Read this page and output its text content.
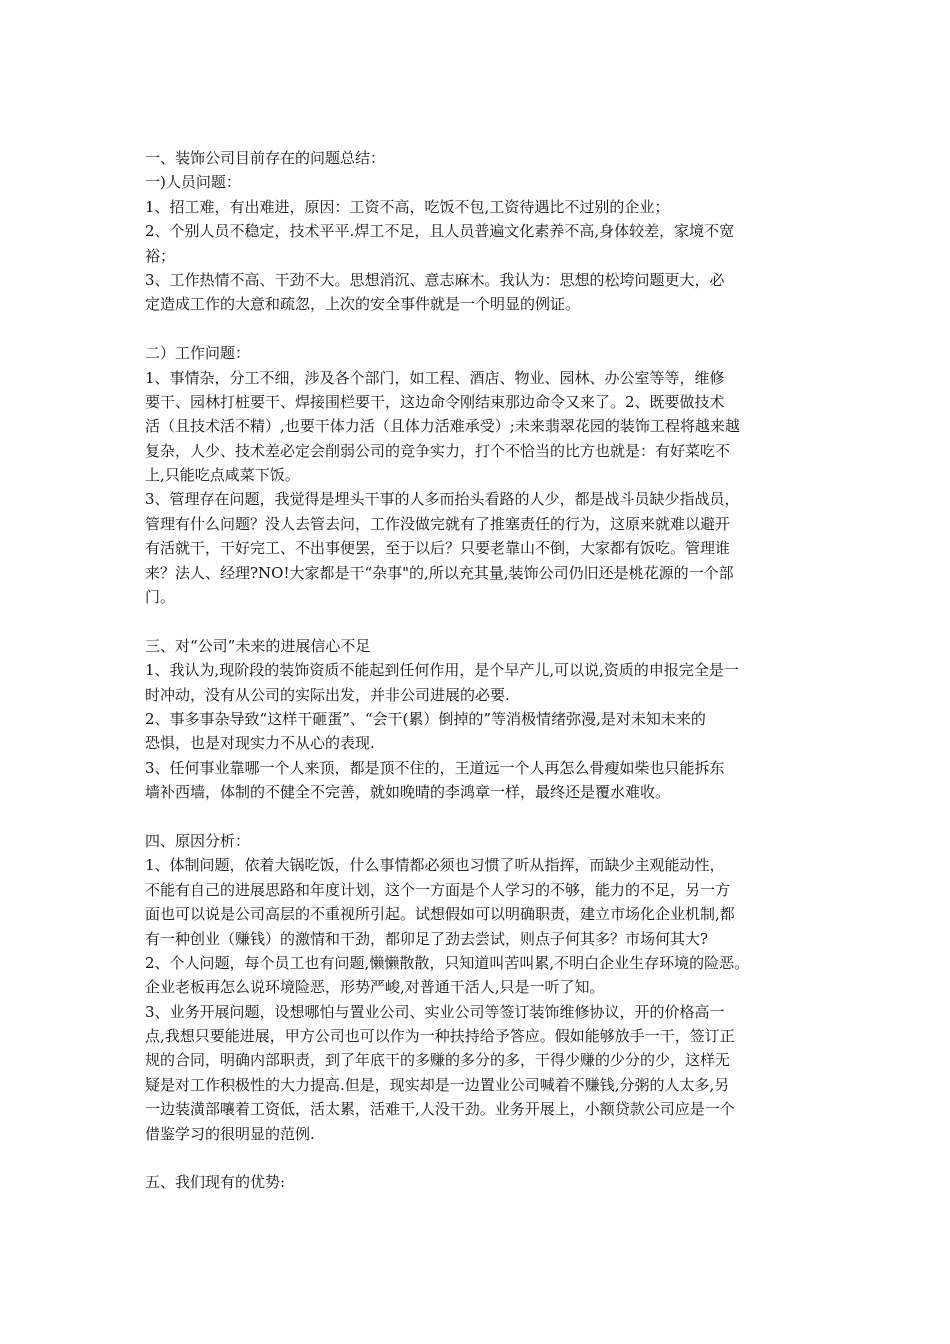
一、装饰公司目前存在的问题总结：
一)人员问题：
1、招工难，有出难进，原因：工资不高，吃饭不包,工资待遇比不过别的企业；
2、个别人员不稳定，技术平平.焊工不足，且人员普遍文化素养不高,身体较差，家境不宽
裕；
3、工作热情不高、干劲不大。思想消沉、意志麻木。我认为：思想的松垮问题更大，必
定造成工作的大意和疏忽，上次的安全事件就是一个明显的例证。
二）工作问题：
1、事情杂，分工不细，涉及各个部门，如工程、酒店、物业、园林、办公室等等，维修
要干、园林打桩要干、焊接围栏要干，这边命令刚结束那边命令又来了。2、既要做技术
活（且技术活不精）,也要干体力活（且体力活难承受）;未来翡翠花园的装饰工程将越来越
复杂，人少、技术差必定会削弱公司的竞争实力，打个不恰当的比方也就是：有好菜吃不
上,只能吃点咸菜下饭。
3、管理存在问题，我觉得是埋头干事的人多而抬头看路的人少，都是战斗员缺少指战员，
管理有什么问题？没人去管去问，工作没做完就有了推塞责任的行为，这原来就难以避开
有活就干，干好完工、不出事便罢，至于以后？只要老靠山不倒，大家都有饭吃。管理谁
来？法人、经理?NO!大家都是干“杂事"的,所以充其量,装饰公司仍旧还是桃花源的一个部
门。
三、对“公司”未来的进展信心不足
1、我认为,现阶段的装饰资质不能起到任何作用，是个早产儿,可以说,资质的申报完全是一
时冲动，没有从公司的实际出发，并非公司进展的必要.
2、事多事杂导致“这样干砸蛋”、“会干(累）倒掉的”等消极情绪弥漫,是对未知未来的
恐惧，也是对现实力不从心的表现.
3、任何事业靠哪一个人来顶，都是顶不住的，王道远一个人再怎么骨瘦如柴也只能拆东
墙补西墙，体制的不健全不完善，就如晚晴的李鸿章一样，最终还是覆水难收。
四、原因分析：
1、体制问题，依着大锅吃饭，什么事情都必须也习惯了听从指挥，而缺少主观能动性，
不能有自己的进展思路和年度计划，这个一方面是个人学习的不够，能力的不足，另一方
面也可以说是公司高层的不重视所引起。试想假如可以明确职责，建立市场化企业机制,都
有一种创业（赚钱）的激情和干劲，都卯足了劲去尝试，则点子何其多？市场何其大?
2、个人问题，每个员工也有问题,懒懒散散，只知道叫苦叫累,不明白企业生存环境的险恶。
企业老板再怎么说环境险恶，形势严峻,对普通干活人,只是一听了知。
3、业务开展问题，设想哪怕与置业公司、实业公司等签订装饰维修协议，开的价格高一
点,我想只要能进展，甲方公司也可以作为一种扶持给予答应。假如能够放手一干，签订正
规的合同，明确内部职责，到了年底干的多赚的多分的多，干得少赚的少分的少，这样无
疑是对工作积极性的大力提高.但是，现实却是一边置业公司喊着不赚钱,分粥的人太多,另
一边装潢部嚷着工资低，活太累，活难干,人没干劲。业务开展上，小额贷款公司应是一个
借鉴学习的很明显的范例.
五、我们现有的优势:
